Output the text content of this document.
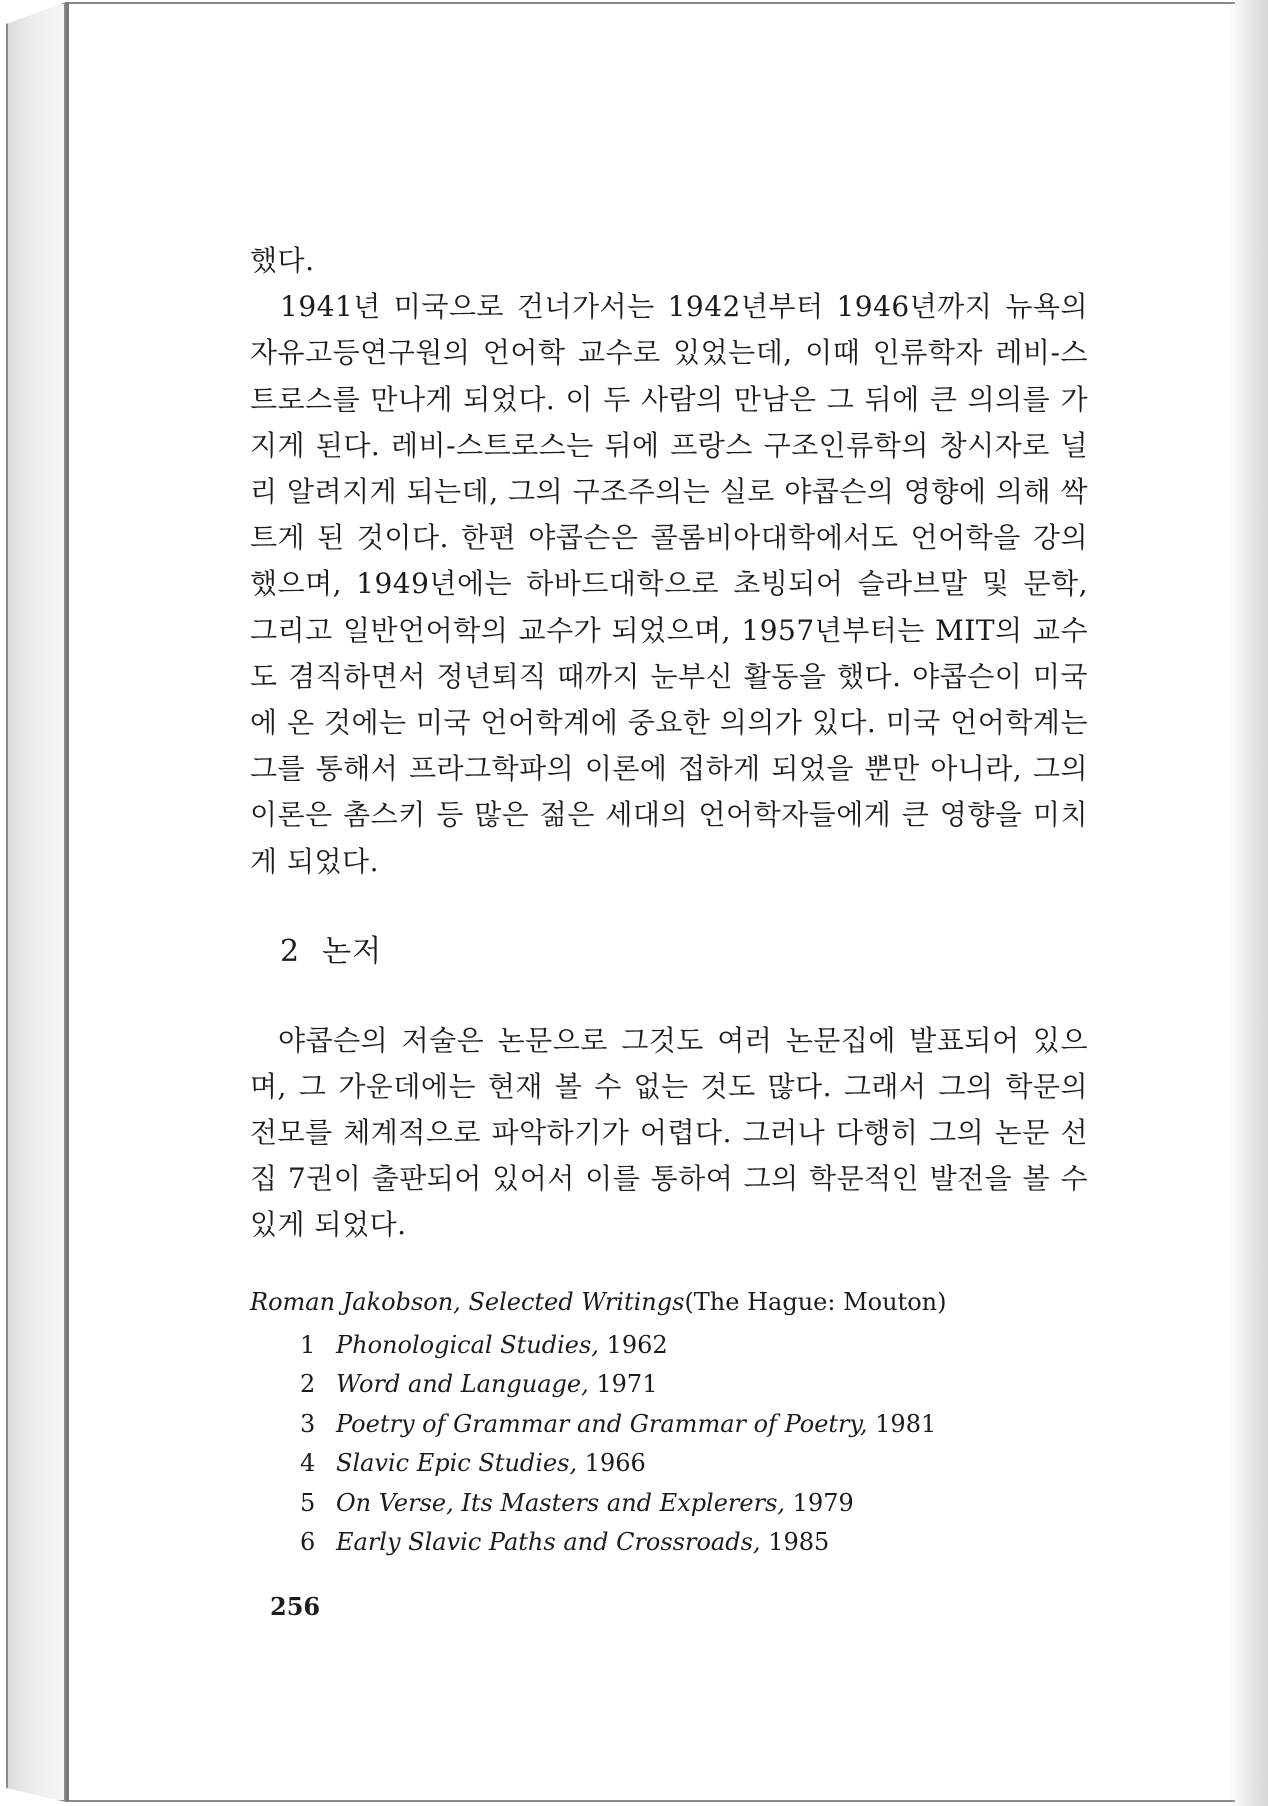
했다.

1941년 미국으로 건너가서는 1942년부터 1946년까지 뉴욕의 자유고등연구원의 언어학 교수로 있었는데, 이때 인류학자 레비-스트로스를 만나게 되었다. 이 두 사람의 만남은 그 뒤에 큰 의의를 가지게 된다. 레비-스트로스는 뒤에 프랑스 구조인류학의 창시자로 널리 알려지게 되는데, 그의 구조주의는 실로 야콥슨의 영향에 의해 싹트게 된 것이다. 한편 야콥슨은 콜롬비아대학에서도 언어학을 강의했으며, 1949년에는 하바드대학으로 초빙되어 슬라브말 및 문학, 그리고 일반언어학의 교수가 되었으며, 1957년부터는 MIT의 교수도 겸직하면서 정년퇴직 때까지 눈부신 활동을 했다. 야콥슨이 미국에 온 것에는 미국 언어학계에 중요한 의의가 있다. 미국 언어학계는 그를 통해서 프라그학파의 이론에 접하게 되었을 뿐만 아니라, 그의 이론은 촘스키 등 많은 젊은 세대의 언어학자들에게 큰 영향을 미치게 되었다.

2 논저

야콥슨의 저술은 논문으로 그것도 여러 논문집에 발표되어 있으며, 그 가운데에는 현재 볼 수 없는 것도 많다. 그래서 그의 학문의 전모를 체계적으로 파악하기가 어렵다. 그러나 다행히 그의 논문 선집 7권이 출판되어 있어서 이를 통하여 그의 학문적인 발전을 볼 수 있게 되었다.

Roman Jakobson, Selected Writings(The Hague: Mouton)

1 Phonological Studies, 1962
2 Word and Language, 1971
3 Poetry of Grammar and Grammar of Poetry, 1981
4 Slavic Epic Studies, 1966
5 On Verse, Its Masters and Explerers, 1979
6 Early Slavic Paths and Crossroads, 1985
256
